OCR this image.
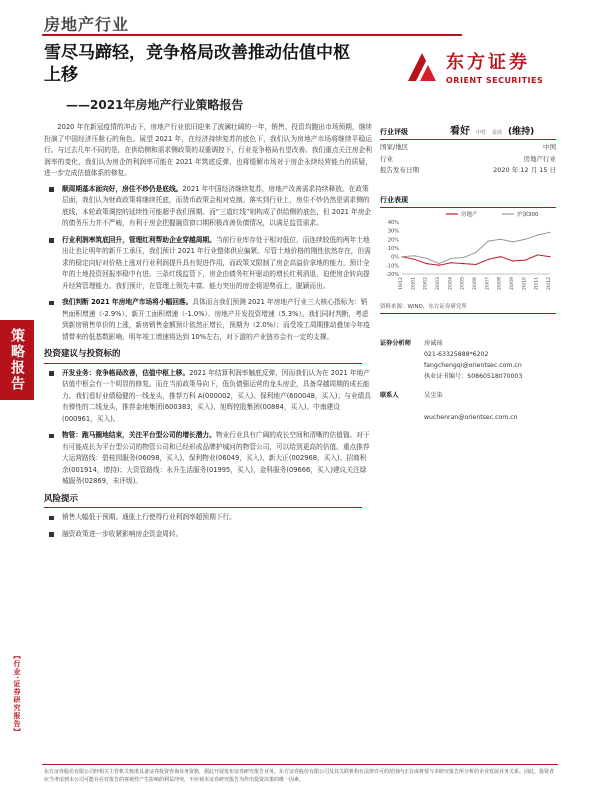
房地产行业
雪尽马蹄轻，竞争格局改善推动估值中枢上移
——2021年房地产行业策略报告
东方证券
ORIENT SECURITIES
策略报告
【行业·证券研究报告】

2020 年在新冠疫情的冲击下，房地产行业依旧迎来了波澜壮阔的一年，销售、投资均跑出市场预期，继续扮演了中国经济压舱石的角色。展望 2021 年，在经济持续复苏的底色下，我们认为房地产市场将继续平稳运行。与过去几年不同的是，在供给侧和需求侧政策的双重调控下，行业竞争格局有望改善。我们重点关注房企利润率的变化，我们认为房企的利润率可能在 2021 年筑底反弹，也将缓解市场对于房企永续经营能力的质疑，进一步完成估值体系的修复。

顺周期基本面向好，房住不炒仍是底线。2021 年中国经济继续复苏，房地产改善需求持续释放。在政策层面，我们认为财政政策将继续托底，而货币政策会相对克制。落实到行业上，房住不炒仍然是需求侧的底线，本轮政策调控的延续性可能超乎我们预期。而“三道红线”则构成了供给侧的底色，但 2021 年房企的债务压力并不严峻，有利于房企把握融资窗口期积极改善负债情况，以满足监管需求。
行业利润率筑底回升，管理红利帮助企业穿越周期。当前行业库存处于相对低位，而连续较低的两年土地出让也让明年的新开工承压，我们预计 2021 年行业整体供应偏紧。尽管土地价格的刚性依然存在，但需求的稳定向好对价格上涨对行业利润提升具有促进作用，而政策又限制了房企高溢价拿地的能力，预计全年的土地投资回报率稳中有进。三条红线监管下，房企由债务杠杆驱动的增长红利消退，迫使房企转向提升经营管理能力。我们预计，在管理上领先丰富、能力突出的房企将迎势而上，脱颖而出。
我们判断 2021 年房地产市场将小幅回落。具体而言我们预测 2021 年房地产行业三大核心指标为：销售面积增速（-2.9%）、新开工面积增速（-1.0%）、房地产开发投资增速（5.3%）。我们同时判断，考虑到新房销售单价的上涨，新房销售金额预计依然正增长，预期为（2.0%）；而受竣工周期推动叠加今年疫情带来的低基数影响，明年竣工增速将达到 10%左右，对下游的产业链亦会有一定的支撑。
投资建议与投资标的
开发业务：竞争格局改善，估值中枢上移。2021 年结算利润率触底反弹，因而我们认为在 2021 年地产估值中枢会有一个明显的修复。而在当前政策导向下，低负债强运营的龙头房企，具备穿越周期的成长能力。我们看好业绩稳健的一线龙头，推荐万科 A(000002，买入)、保利地产(600048，买入)；与业绩具有弹性的二线龙头，推荐金地集团(600383，买入)、旭辉控股集团(00884，买入)、中南建设(000961，买入)。
物管：跑马圈地结束，关注平台型公司的增长潜力。物业行业具有广阔的成长空间和清晰的估值锚。对于有可能成长为平台型公司的物管公司和已经形成品牌护城河的物管公司，可以给到更高的估值。重点推荐大运营路线：碧桂园服务(06098，买入)、保利物业(06049，买入)、新大正(002968，买入)、招商积余(001914，增持)；大资管路线：永升生活服务(01995，买入)，金科服务(09666，买入)建议关注绿城服务(02869，未评级)。
风险提示
销售大幅低于预期。通胀上行使得行业利润率超预期下行。
融资政策进一步收紧影响房企资金周转。
行业评级	看好 中性 看淡 (维持)
国家/地区	中国
行业	房地产行业
报告发布日期	2020 年 12 月 15 日
行业表现
40%
30%
20%
10%
0%
-10%
-20%
19/12 20/01 20/02 20/03 20/04 20/05 20/06 20/07 20/08 20/09 20/10 20/11 20/12
房地产	沪深300
资料来源：WIND，东方证券研究所
证券分析师	房诚琦
021-63325888*6202
fangchengqi@orientsec.com.cn
执业证书编号：S0860518070003
联系人	吴尘染
wuchenran@orientsec.com.cn
东方证券股份有限公司经相关主管机关核准具备证券投资咨询业务资格，据此开展发布证券研究报告业务。东方证券股份有限公司及其关联机构在法律许可的范围内正在或将要与本研究报告所分析的企业发展业务关系。因此，投资者应当考虑到本公司可能存在对报告的客观性产生影响的利益冲突，不应视本证券研究报告为作出投资决策的唯一因素。
